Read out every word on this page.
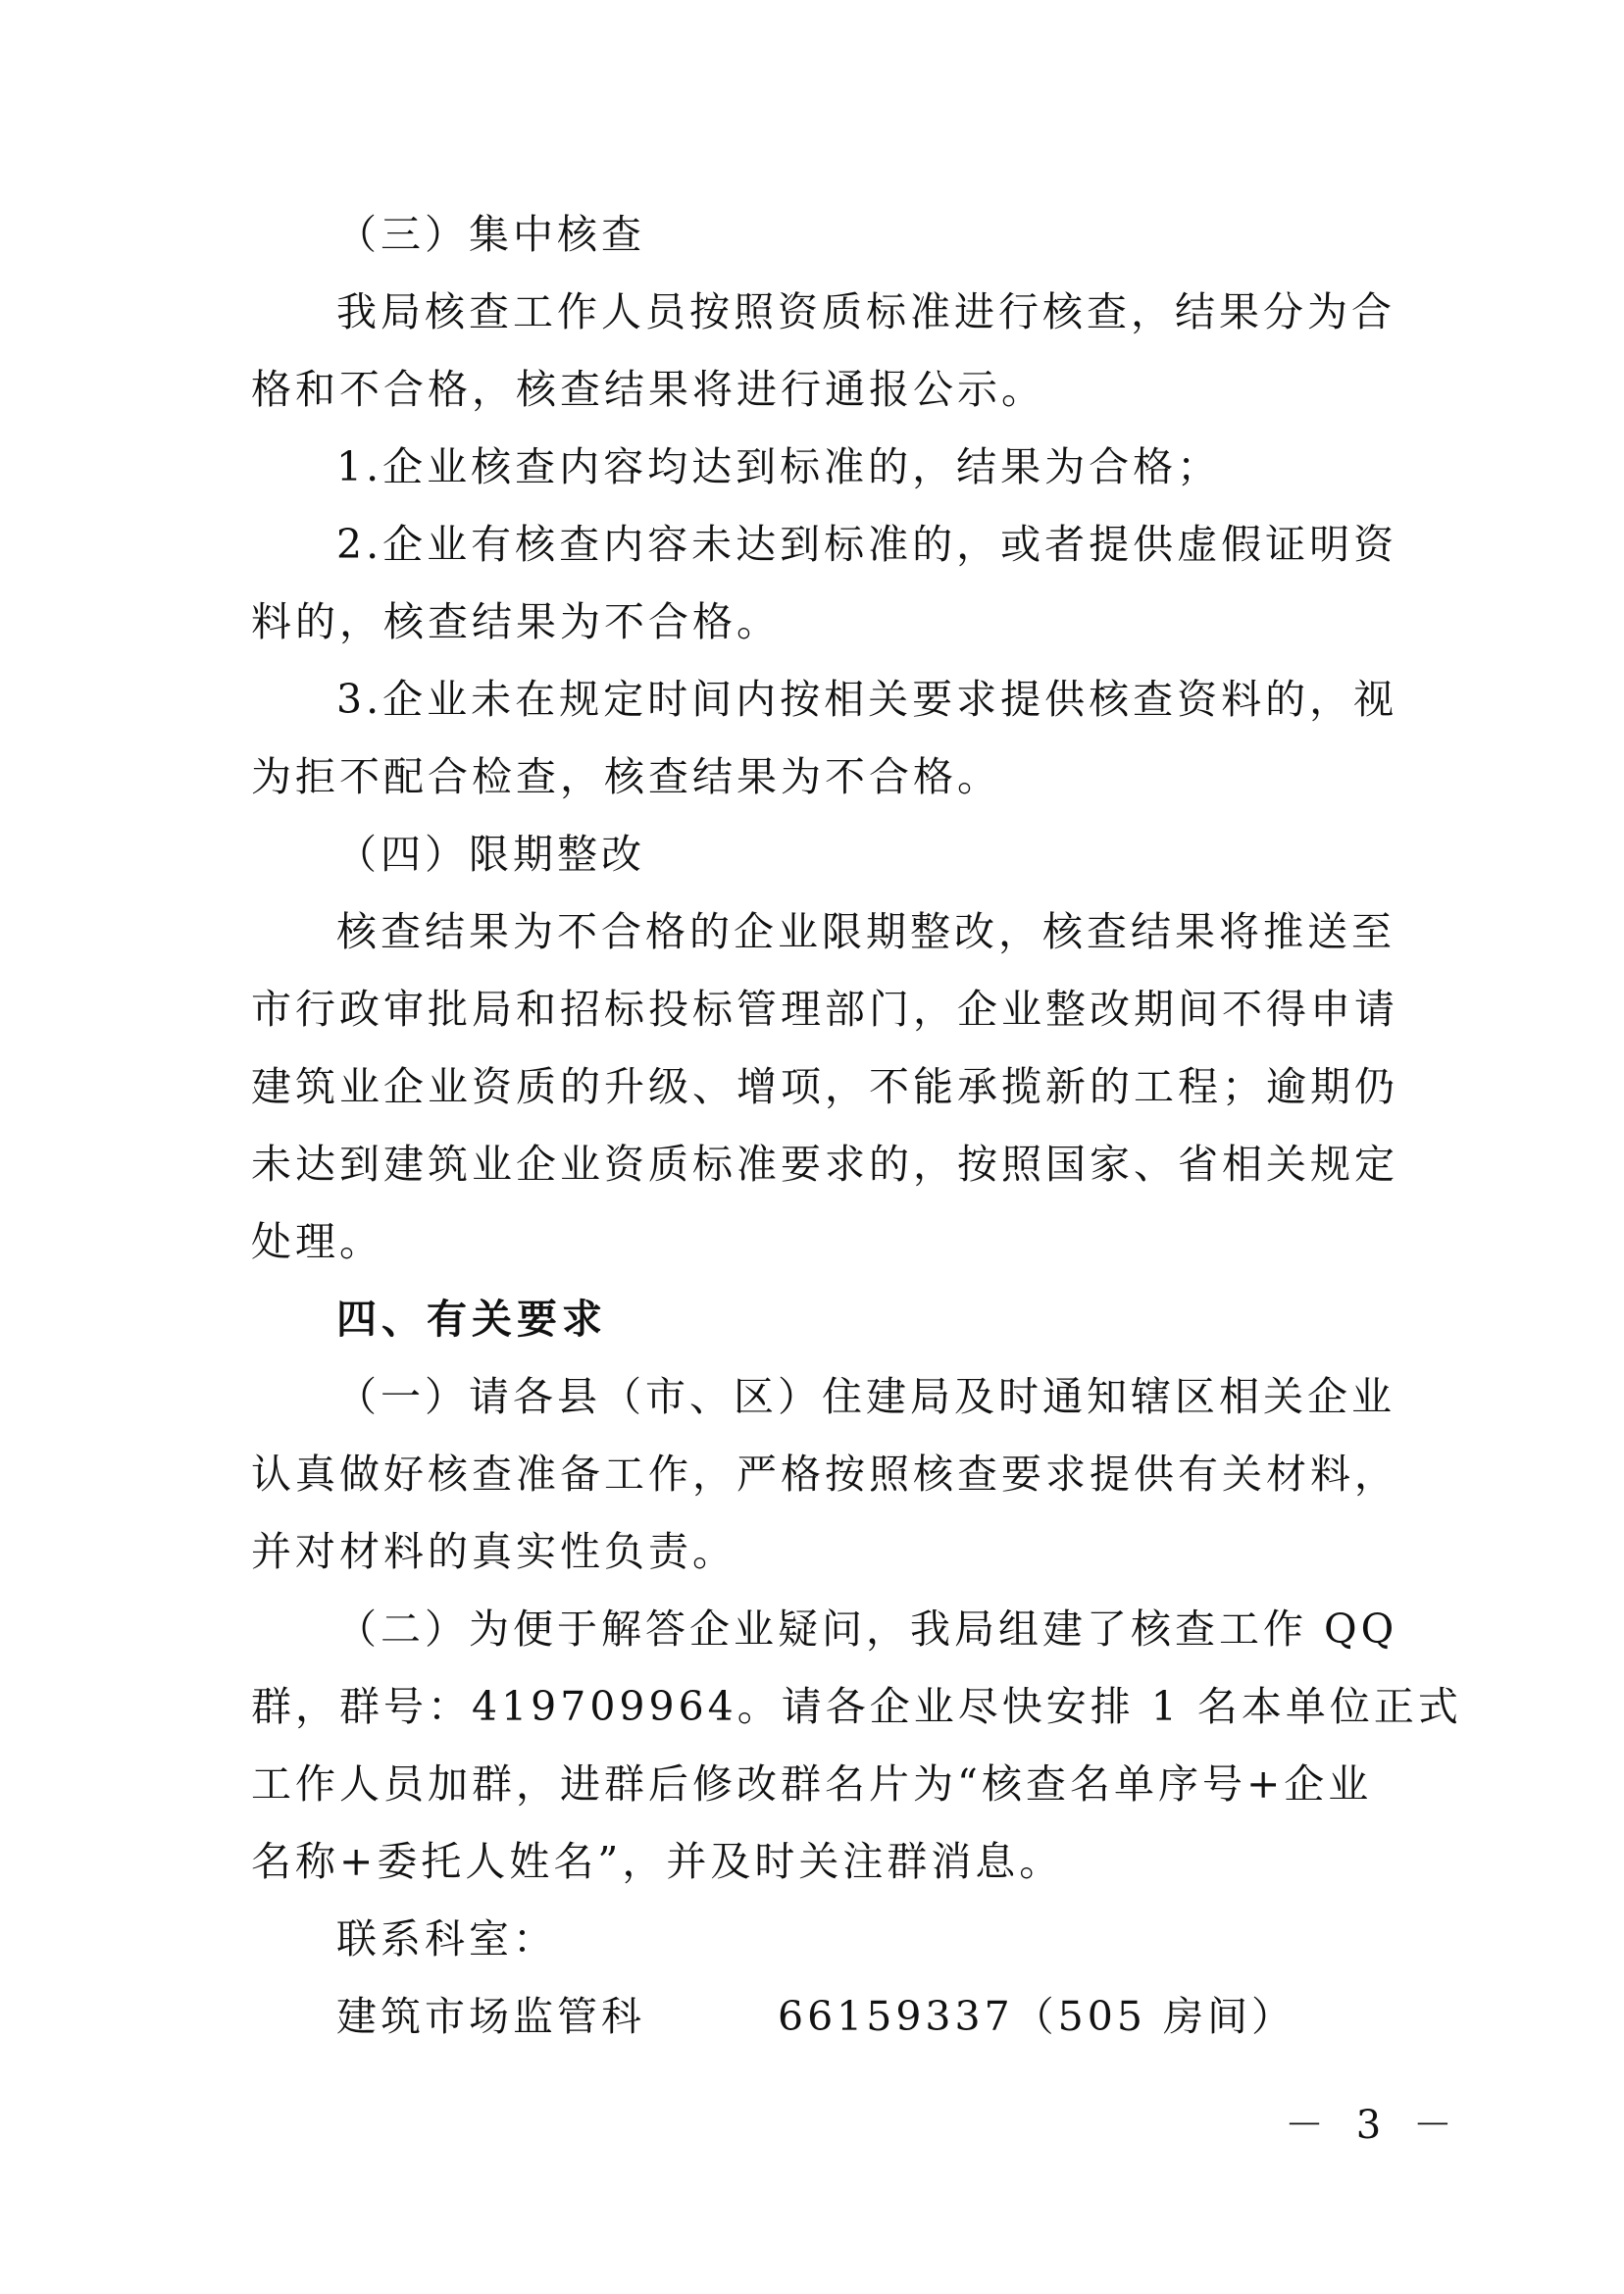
（三）集中核查
我局核查工作人员按照资质标准进行核查，结果分为合
格和不合格，核查结果将进行通报公示。
1.企业核查内容均达到标准的，结果为合格；
2.企业有核查内容未达到标准的，或者提供虚假证明资
料的，核查结果为不合格。
3.企业未在规定时间内按相关要求提供核查资料的，视
为拒不配合检查，核查结果为不合格。
（四）限期整改
核查结果为不合格的企业限期整改，核查结果将推送至
市行政审批局和招标投标管理部门，企业整改期间不得申请
建筑业企业资质的升级、增项，不能承揽新的工程；逾期仍
未达到建筑业企业资质标准要求的，按照国家、省相关规定
处理。
四、有关要求
（一）请各县（市、区）住建局及时通知辖区相关企业
认真做好核查准备工作，严格按照核查要求提供有关材料，
并对材料的真实性负责。
（二）为便于解答企业疑问，我局组建了核查工作 QQ
群，群号：419709964。请各企业尽快安排 1 名本单位正式
工作人员加群，进群后修改群名片为“核查名单序号+企业
名称+委托人姓名”，并及时关注群消息。
联系科室：
建筑市场监管科	66159337（505 房间）
－ 3 －
